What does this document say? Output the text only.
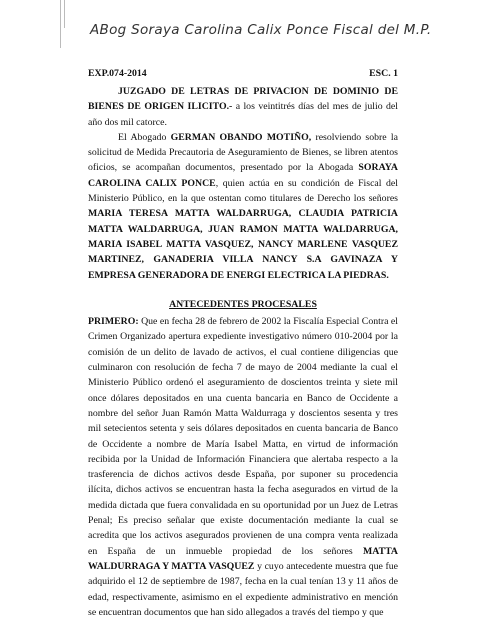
ABog Soraya Carolina Calix Ponce Fiscal del M.P.
EXP.074-2014	ESC. 1

JUZGADO DE LETRAS DE PRIVACION DE DOMINIO DE BIENES DE ORIGEN ILICITO.- a los veintitrés días del mes de julio del año dos mil catorce.

El Abogado GERMAN OBANDO MOTIÑO, resolviendo sobre la solicitud de Medida Precautoria de Aseguramiento de Bienes, se libren atentos oficios, se acompañan documentos, presentado por la Abogada SORAYA CAROLINA CALIX PONCE, quien actúa en su condición de Fiscal del Ministerio Público, en la que ostentan como titulares de Derecho los señores MARIA TERESA MATTA WALDARRUGA, CLAUDIA PATRICIA MATTA WALDARRUGA, JUAN RAMON MATTA WALDARRUGA, MARIA ISABEL MATTA VASQUEZ, NANCY MARLENE VASQUEZ MARTINEZ, GANADERIA VILLA NANCY S.A GAVINAZA Y EMPRESA GENERADORA DE ENERGI ELECTRICA LA PIEDRAS.

ANTECEDENTES PROCESALES

PRIMERO: Que en fecha 28 de febrero de 2002 la Fiscalía Especial Contra el Crimen Organizado apertura expediente investigativo número 010-2004 por la comisión de un delito de lavado de activos, el cual contiene diligencias que culminaron con resolución de fecha 7 de mayo de 2004 mediante la cual el Ministerio Público ordenó el aseguramiento de doscientos treinta y siete mil once dólares depositados en una cuenta bancaria en Banco de Occidente a nombre del señor Juan Ramón Matta Waldurraga y doscientos sesenta y tres mil setecientos setenta y seis dólares depositados en cuenta bancaria de Banco de Occidente a nombre de María Isabel Matta, en virtud de información recibida por la Unidad de Información Financiera que alertaba respecto a la trasferencia de dichos activos desde España, por suponer su procedencia ilícita, dichos activos se encuentran hasta la fecha asegurados en virtud de la medida dictada que fuera convalidada en su oportunidad por un Juez de Letras Penal; Es preciso señalar que existe documentación mediante la cual se acredita que los activos asegurados provienen de una compra venta realizada en España de un inmueble propiedad de los señores MATTA WALDURRAGA Y MATTA VASQUEZ y cuyo antecedente muestra que fue adquirido el 12 de septiembre de 1987, fecha en la cual tenían 13 y 11 años de edad, respectivamente, asimismo en el expediente administrativo en mención se encuentran documentos que han sido allegados a través del tiempo y que
